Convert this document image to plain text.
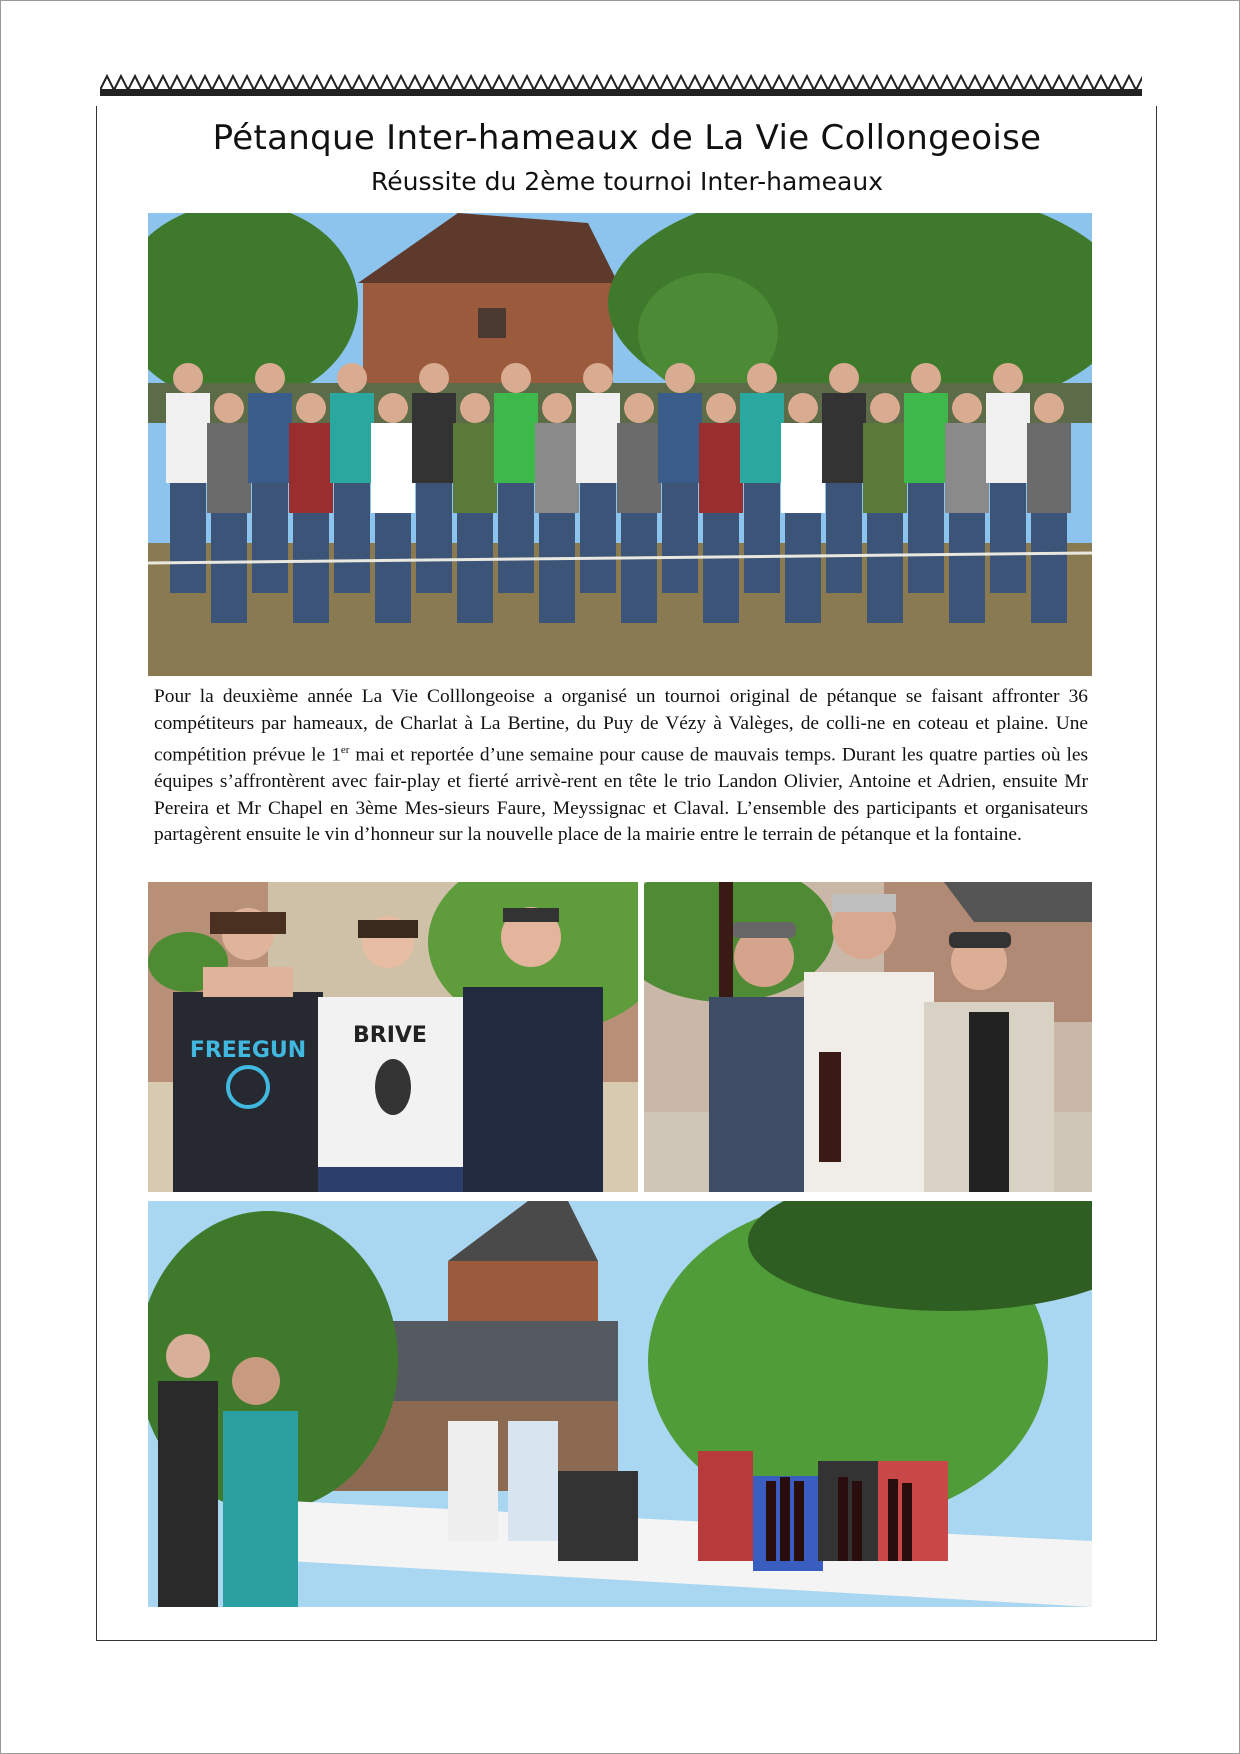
Pétanque Inter-hameaux de La Vie Collongeoise
Réussite du 2ème tournoi Inter-hameaux

Pour la deuxième année La Vie Colllongeoise a organisé un tournoi original de pétanque se faisant affronter 36 compétiteurs par hameaux, de Charlat à La Bertine, du Puy de Vézy à Valèges, de colli-ne en coteau et plaine. Une compétition prévue le 1er mai et reportée d’une semaine pour cause de mauvais temps. Durant les quatre parties où les équipes s’affrontèrent avec fair-play et fierté arrivè-rent en tête le trio Landon Olivier, Antoine et Adrien, ensuite Mr Pereira et Mr Chapel en 3ème Mes-sieurs Faure, Meyssignac et Claval. L’ensemble des participants et organisateurs partagèrent ensuite le vin d’honneur sur la nouvelle place de la mairie entre le terrain de pétanque et la fontaine.

FREEGUN
BRIVE
